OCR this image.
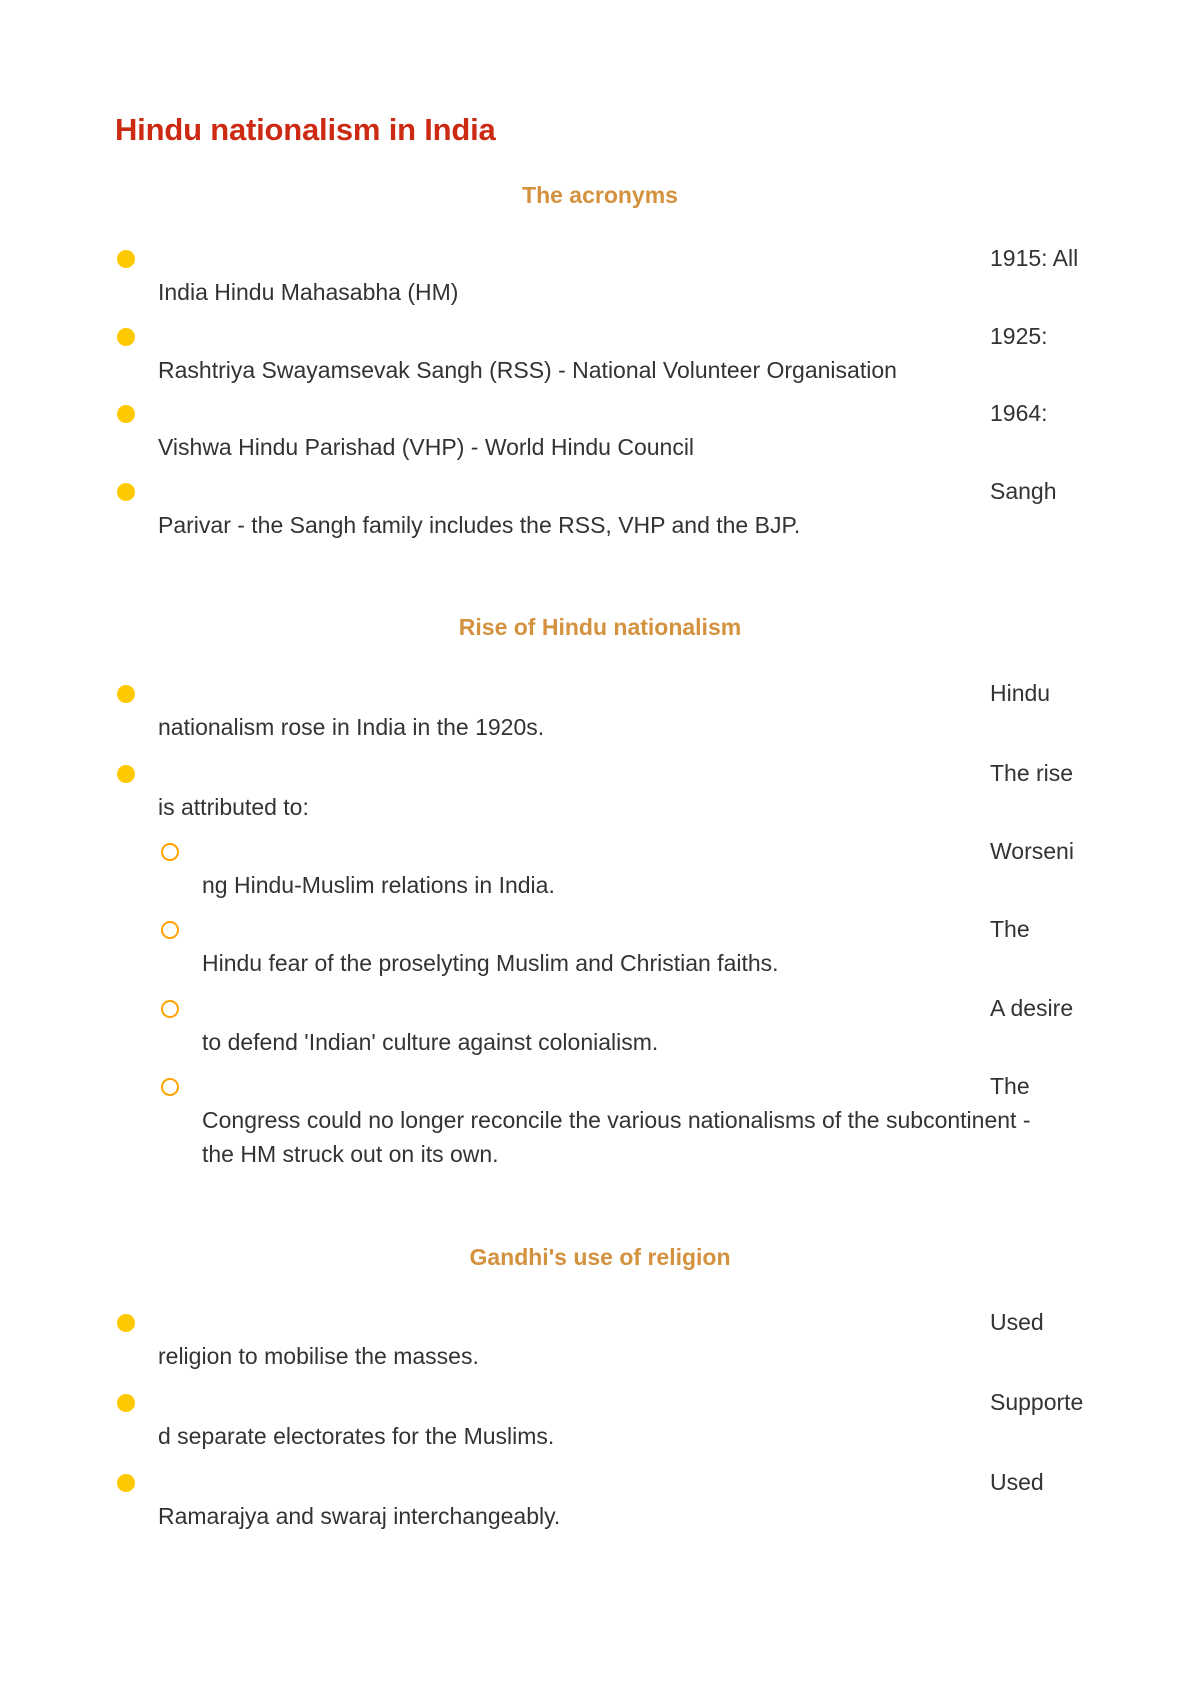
Hindu nationalism in India
The acronyms
1915: All
India Hindu Mahasabha (HM)
1925:
Rashtriya Swayamsevak Sangh (RSS) - National Volunteer Organisation
1964:
Vishwa Hindu Parishad (VHP) - World Hindu Council
Sangh
Parivar - the Sangh family includes the RSS, VHP and the BJP.
Rise of Hindu nationalism
Hindu
nationalism rose in India in the 1920s.
The rise
is attributed to:
Worseni
ng Hindu-Muslim relations in India.
The
Hindu fear of the proselyting Muslim and Christian faiths.
A desire
to defend 'Indian' culture against colonialism.
The
Congress could no longer reconcile the various nationalisms of the subcontinent -
the HM struck out on its own.
Gandhi's use of religion
Used
religion to mobilise the masses.
Supporte
d separate electorates for the Muslims.
Used
Ramarajya and swaraj interchangeably.
